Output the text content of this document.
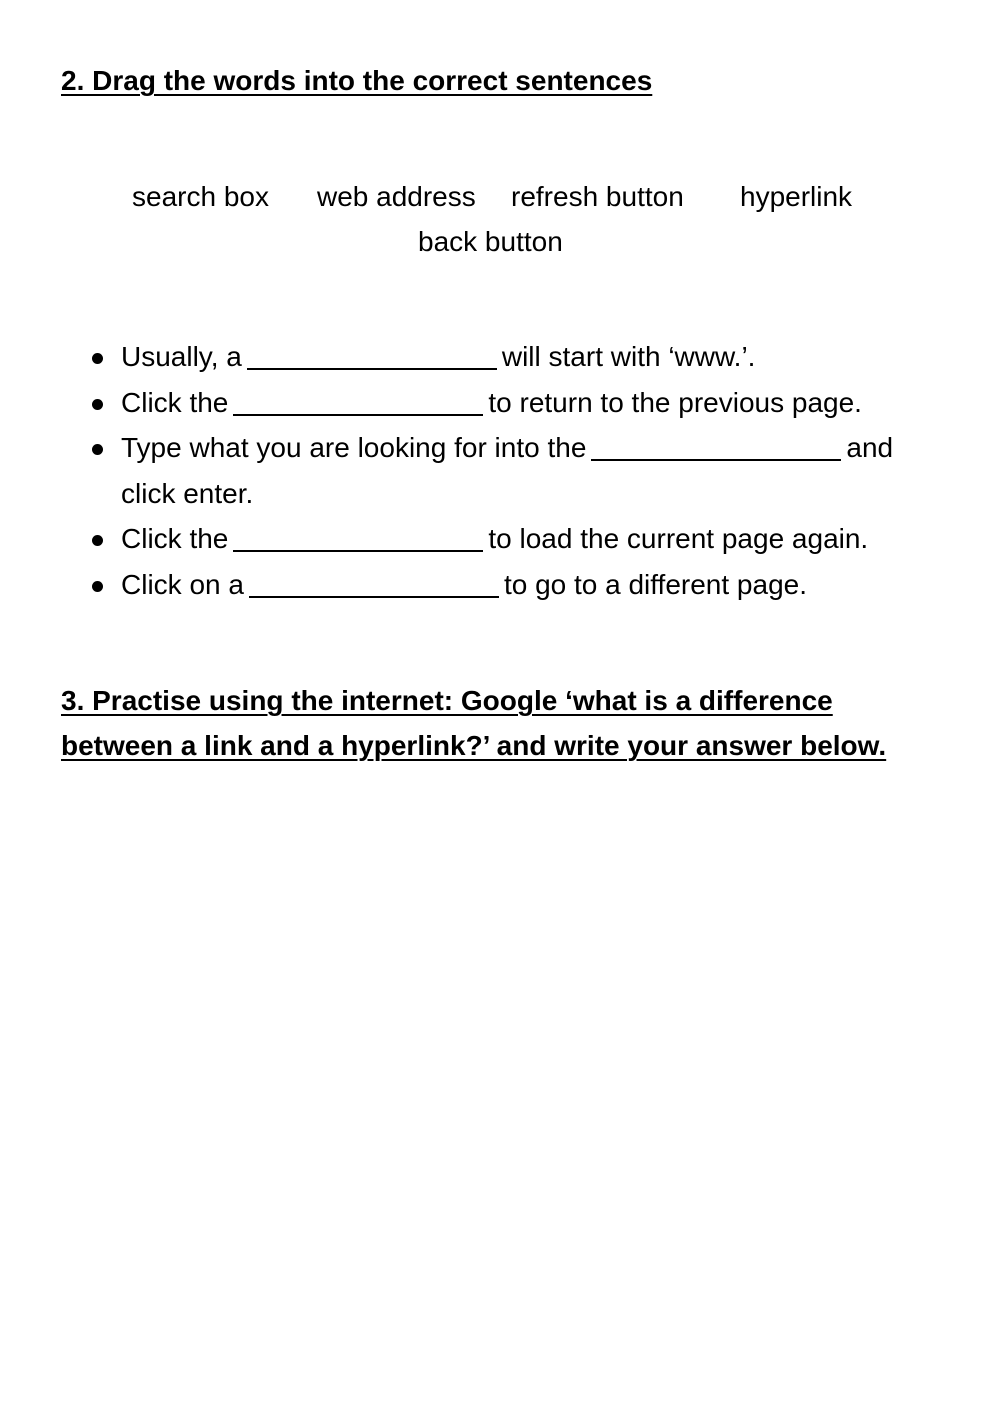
2. Drag the words into the correct sentences
search box web address refresh button hyperlink
back button
Usually, a	will start with ‘www.’.
Click the	to return to the previous page.
Type what you are looking for into the	and click enter.
Click the	to load the current page again.
Click on a	to go to a different page.
3. Practise using the internet: Google ‘what is a difference between a link and a hyperlink?’ and write your answer below.
